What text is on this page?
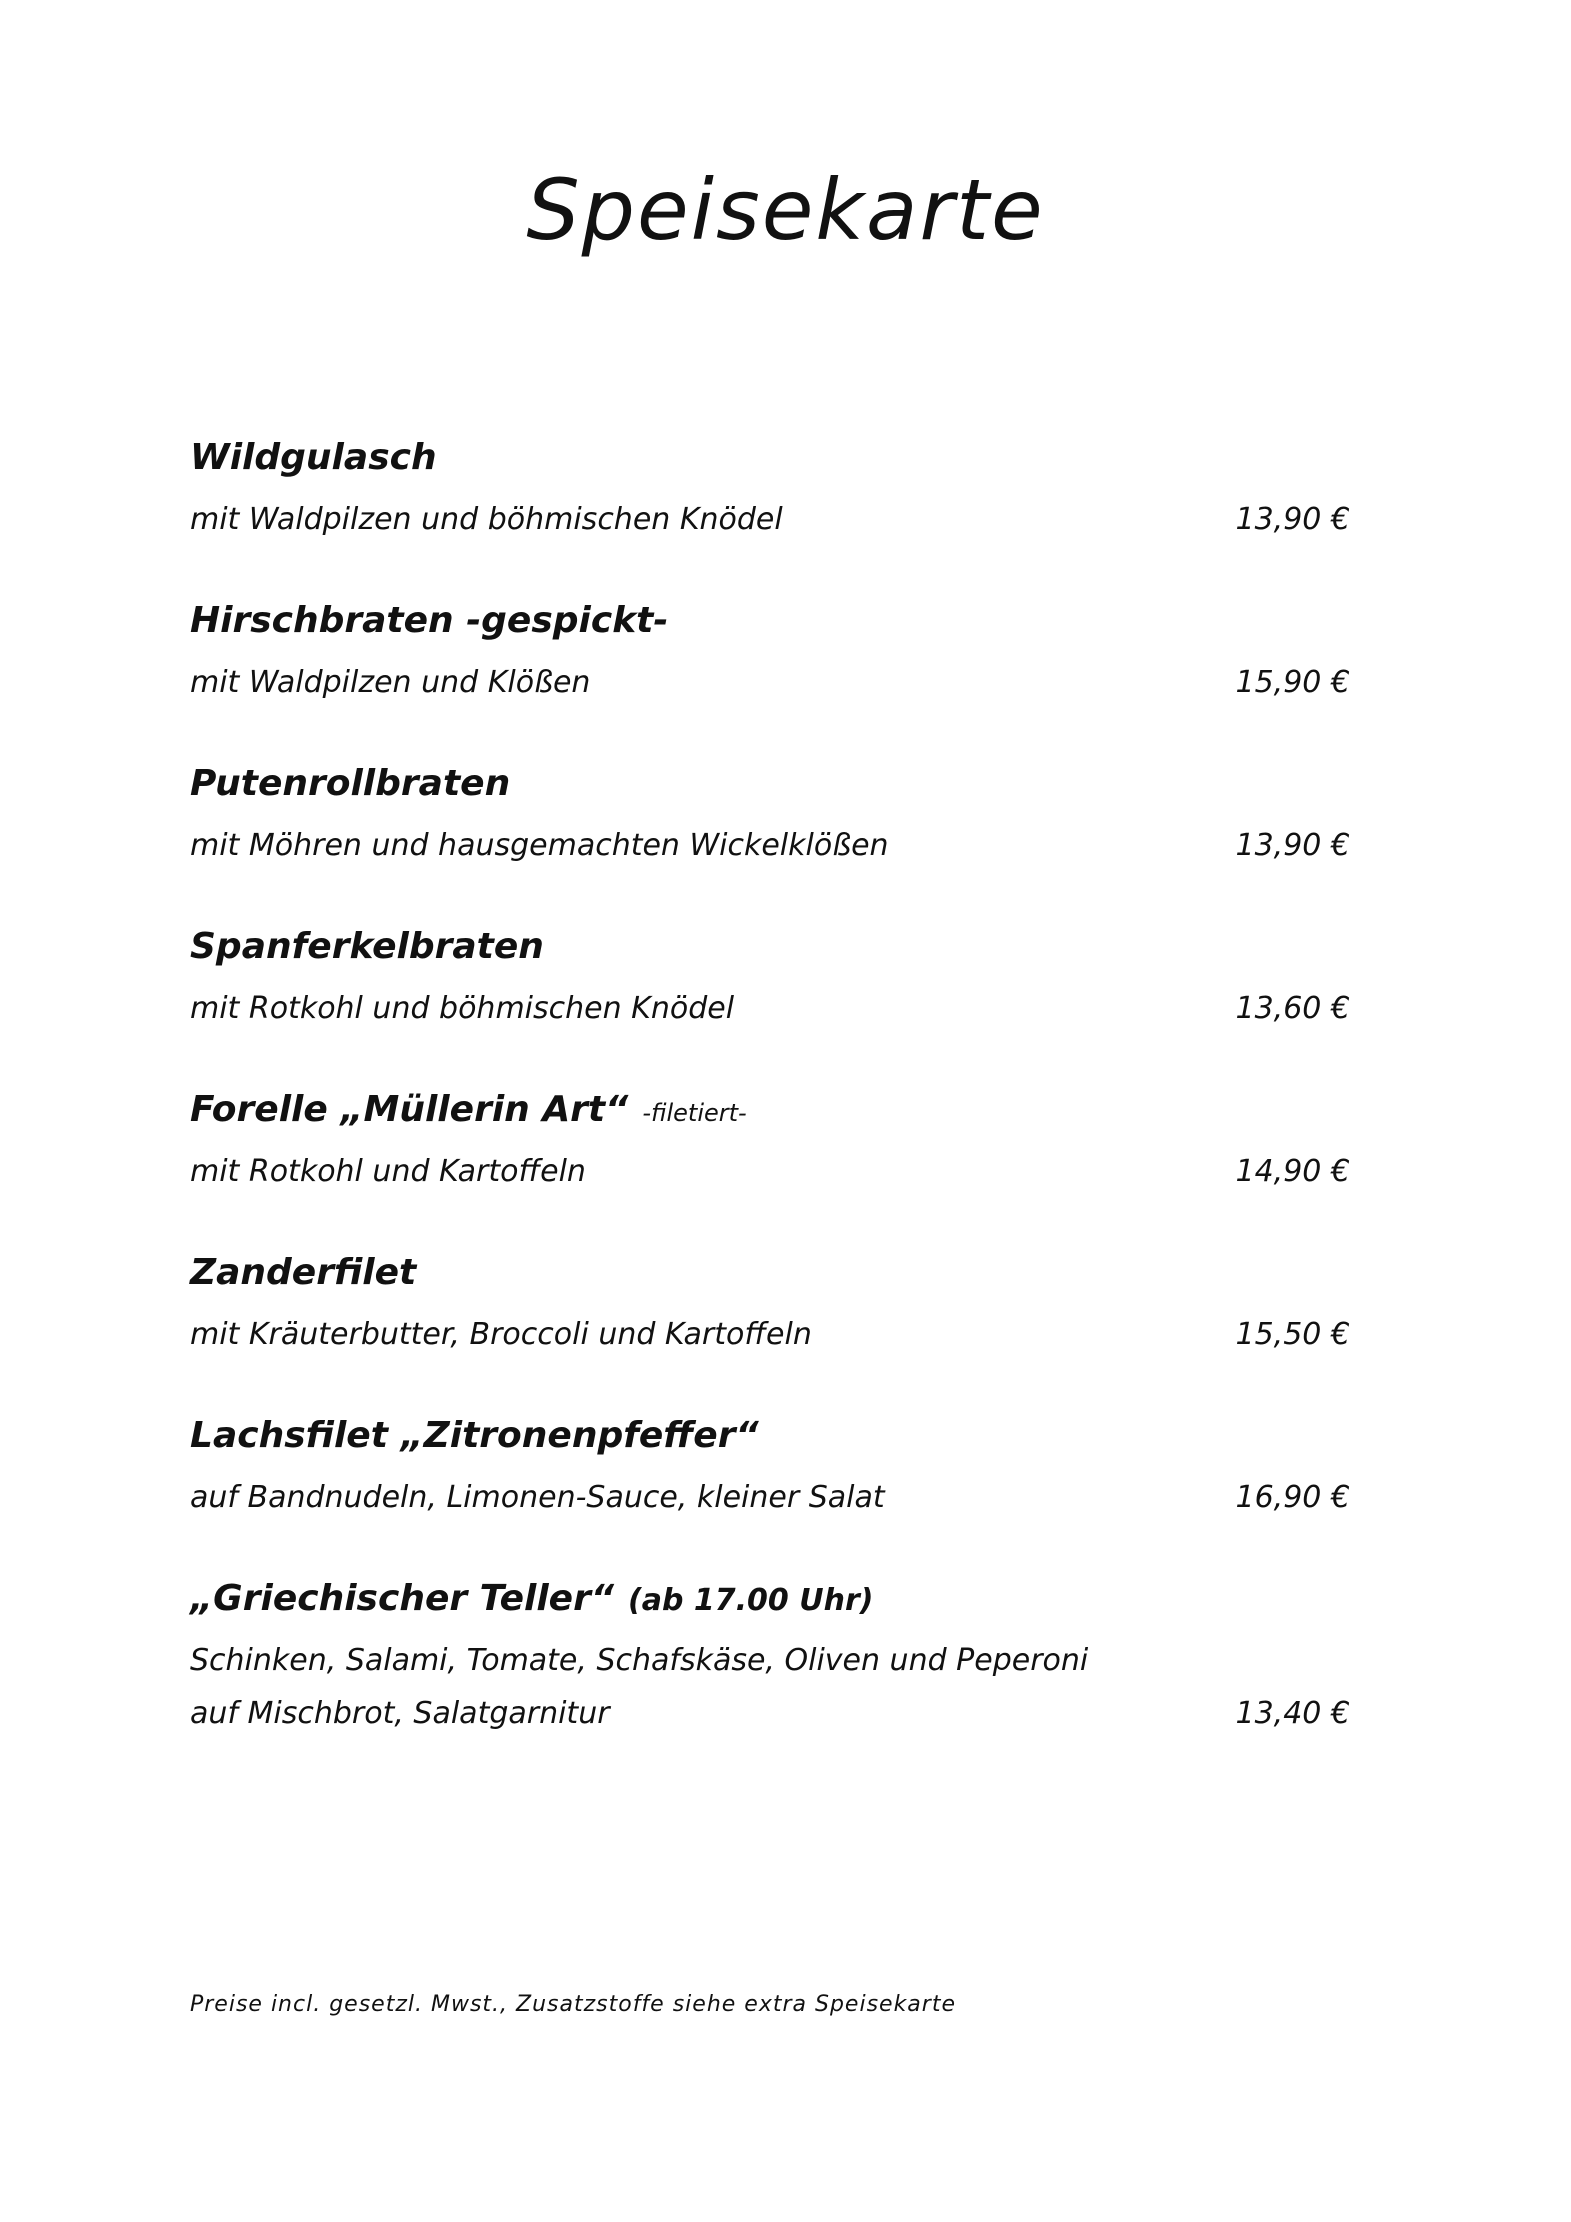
Speisekarte
Wildgulasch
mit Waldpilzen und böhmischen Knödel	13,90 €
Hirschbraten -gespickt-
mit Waldpilzen und Klößen	15,90 €
Putenrollbraten
mit Möhren und hausgemachten Wickelklößen	13,90 €
Spanferkelbraten
mit Rotkohl und böhmischen Knödel	13,60 €
Forelle „Müllerin Art“ -filetiert-
mit Rotkohl und Kartoffeln	14,90 €
Zanderfilet
mit Kräuterbutter, Broccoli und Kartoffeln	15,50 €
Lachsfilet „Zitronenpfeffer“
auf Bandnudeln, Limonen-Sauce, kleiner Salat	16,90 €
„Griechischer Teller“ (ab 17.00 Uhr)
Schinken, Salami, Tomate, Schafskäse, Oliven und Peperoni
auf Mischbrot, Salatgarnitur	13,40 €
Preise incl. gesetzl. Mwst., Zusatzstoffe siehe extra Speisekarte
